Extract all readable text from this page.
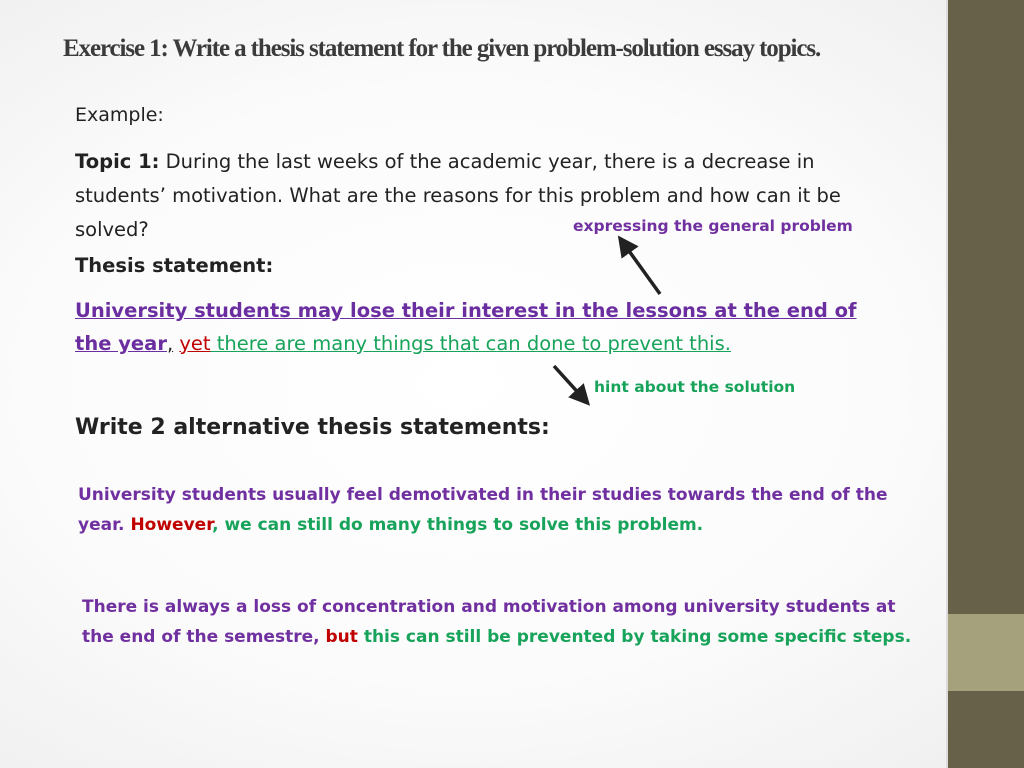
Exercise 1: Write a thesis statement for the given problem-solution essay topics.

Example:

Topic 1: During the last weeks of the academic year, there is a decrease in students’ motivation. What are the reasons for this problem and how can it be solved?

Thesis statement:

University students may lose their interest in the lessons at the end of the year, yet there are many things that can done to prevent this.

expressing the general problem

hint about the solution

Write 2 alternative thesis statements:

University students usually feel demotivated in their studies towards the end of the year. However, we can still do many things to solve this problem.

There is always a loss of concentration and motivation among university students at the end of the semestre, but this can still be prevented by taking some specific steps.
